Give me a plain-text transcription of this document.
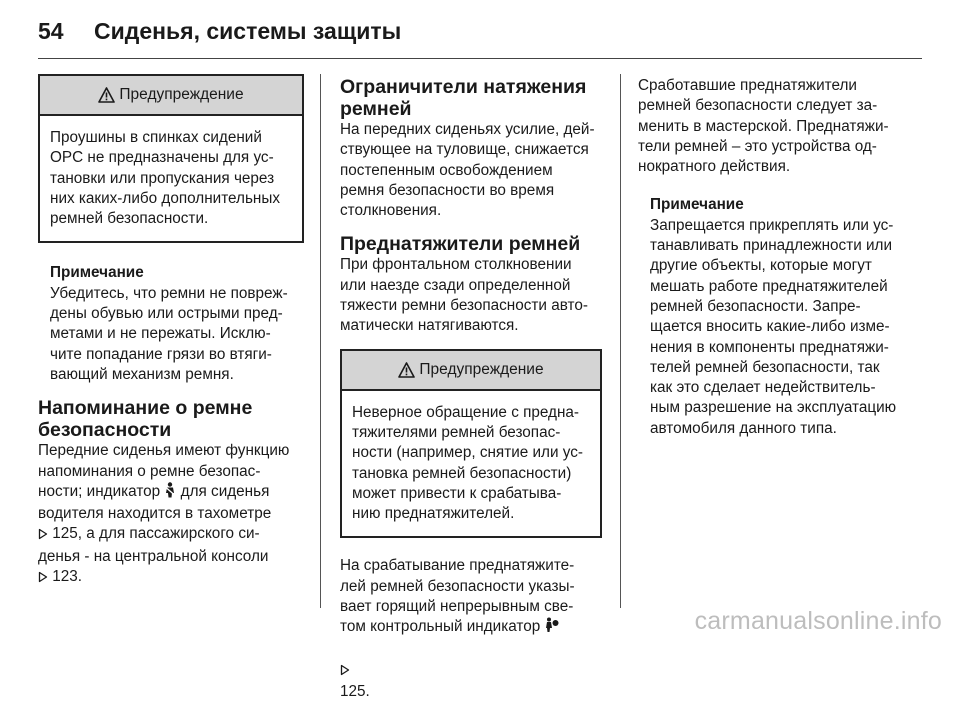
54 Сиденья, системы защиты
Предупреждение
Проушины в спинках сидений
OPC не предназначены для ус-
тановки или пропускания через
них каких-либо дополнительных
ремней безопасности.

Примечание

Убедитесь, что ремни не повреж-
дены обувью или острыми пред-
метами и не пережаты. Исклю-
чите попадание грязи во втяги-
вающий механизм ремня.

Напоминание о ремне
безопасности

Передние сиденья имеют функцию
напоминания о ремне безопас-
ности; индикатор для сиденья
водителя находится в тахометре
125, а для пассажирского си-
денья - на центральной консоли
123.

Ограничители натяжения
ремней

На передних сиденьях усилие, дей-
ствующее на туловище, снижается
постепенным освобождением
ремня безопасности во время
столкновения.

Преднатяжители ремней

При фронтальном столкновении
или наезде сзади определенной
тяжести ремни безопасности авто-
матически натягиваются.

Предупреждение
Неверное обращение с предна-
тяжителями ремней безопас-
ности (например, снятие или ус-
тановка ремней безопасности)
может привести к срабатыва-
нию преднатяжителей.

На срабатывание преднатяжите-
лей ремней безопасности указы-
вает горящий непрерывным све-

том контрольный индикатор

125.

Сработавшие преднатяжители
ремней безопасности следует за-
менить в мастерской. Преднатяжи-
тели ремней – это устройства од-
нократного действия.

Примечание

Запрещается прикреплять или ус-
танавливать принадлежности или
другие объекты, которые могут
мешать работе преднатяжителей
ремней безопасности. Запре-
щается вносить какие-либо изме-
нения в компоненты преднатяжи-
телей ремней безопасности, так
как это сделает недействитель-
ным разрешение на эксплуатацию
автомобиля данного типа.

carmanualsonline.info
